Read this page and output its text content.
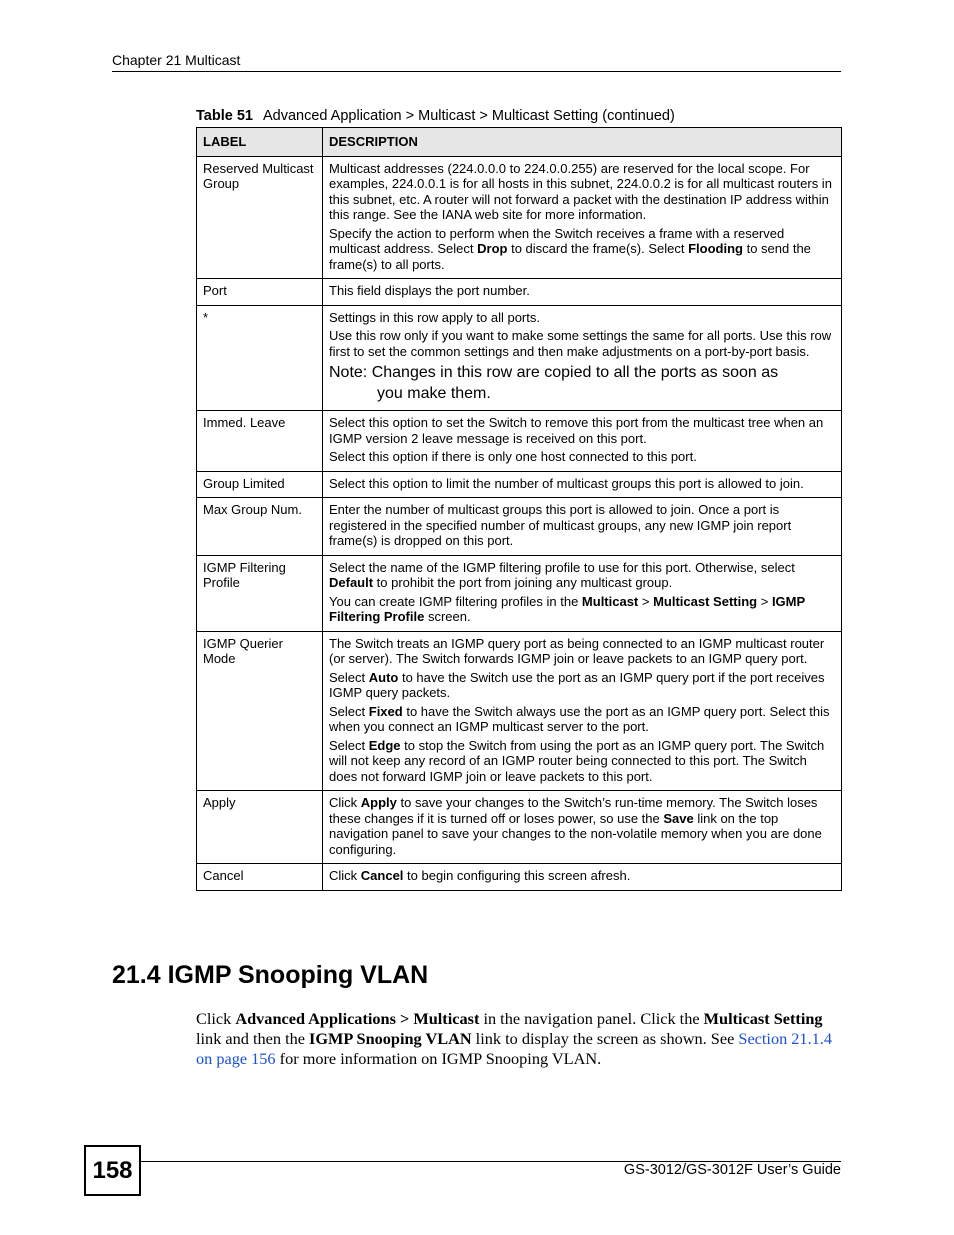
Chapter 21 Multicast
Table 51 Advanced Application > Multicast > Multicast Setting (continued)
LABEL	DESCRIPTION
Reserved Multicast Group	Multicast addresses (224.0.0.0 to 224.0.0.255) are reserved for the local scope. For examples, 224.0.0.1 is for all hosts in this subnet, 224.0.0.2 is for all multicast routers in this subnet, etc. A router will not forward a packet with the destination IP address within this range. See the IANA web site for more information.

Specify the action to perform when the Switch receives a frame with a reserved multicast address. Select Drop to discard the frame(s). Select Flooding to send the frame(s) to all ports.

Port	This field displays the port number.

*	Settings in this row apply to all ports.

Use this row only if you want to make some settings the same for all ports. Use this row first to set the common settings and then make adjustments on a port-by-port basis.

Note: Changes in this row are copied to all the ports as soon as
you make them.

Immed. Leave	Select this option to set the Switch to remove this port from the multicast tree when an IGMP version 2 leave message is received on this port.

Select this option if there is only one host connected to this port.

Group Limited	Select this option to limit the number of multicast groups this port is allowed to join.

Max Group Num.	Enter the number of multicast groups this port is allowed to join. Once a port is registered in the specified number of multicast groups, any new IGMP join report frame(s) is dropped on this port.

IGMP Filtering Profile	Select the name of the IGMP filtering profile to use for this port. Otherwise, select Default to prohibit the port from joining any multicast group.

You can create IGMP filtering profiles in the Multicast > Multicast Setting > IGMP Filtering Profile screen.

IGMP Querier Mode	The Switch treats an IGMP query port as being connected to an IGMP multicast router (or server). The Switch forwards IGMP join or leave packets to an IGMP query port.

Select Auto to have the Switch use the port as an IGMP query port if the port receives IGMP query packets.

Select Fixed to have the Switch always use the port as an IGMP query port. Select this when you connect an IGMP multicast server to the port.

Select Edge to stop the Switch from using the port as an IGMP query port. The Switch will not keep any record of an IGMP router being connected to this port. The Switch does not forward IGMP join or leave packets to this port.

Apply	Click Apply to save your changes to the Switch’s run-time memory. The Switch loses these changes if it is turned off or loses power, so use the Save link on the top navigation panel to save your changes to the non-volatile memory when you are done configuring.

Cancel	Click Cancel to begin configuring this screen afresh.

21.4 IGMP Snooping VLAN

Click Advanced Applications > Multicast in the navigation panel. Click the Multicast Setting link and then the IGMP Snooping VLAN link to display the screen as shown. See Section 21.1.4 on page 156 for more information on IGMP Snooping VLAN.

158	GS-3012/GS-3012F User’s Guide
